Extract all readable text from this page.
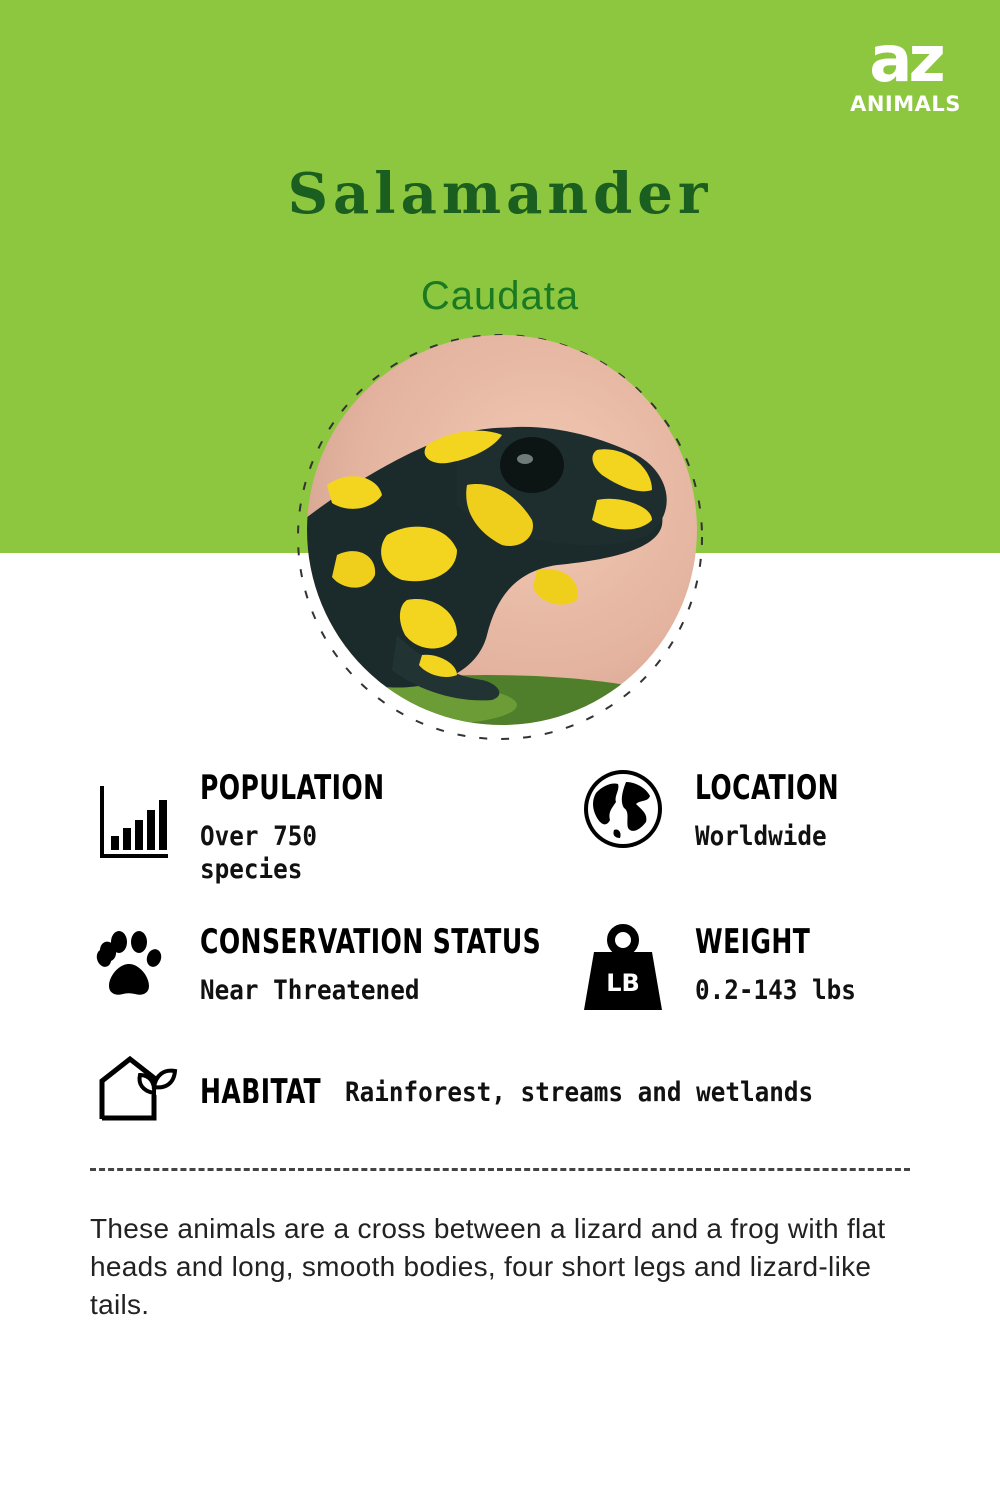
az
ANIMALS
Salamander
Caudata
POPULATION
Over 750
species
LOCATION
Worldwide
CONSERVATION STATUS
Near Threatened	LB
WEIGHT
0.2-143 lbs
HABITAT Rainforest, streams and wetlands
These animals are a cross between a lizard and a frog with flat heads and long, smooth bodies, four short legs and lizard-like tails.
